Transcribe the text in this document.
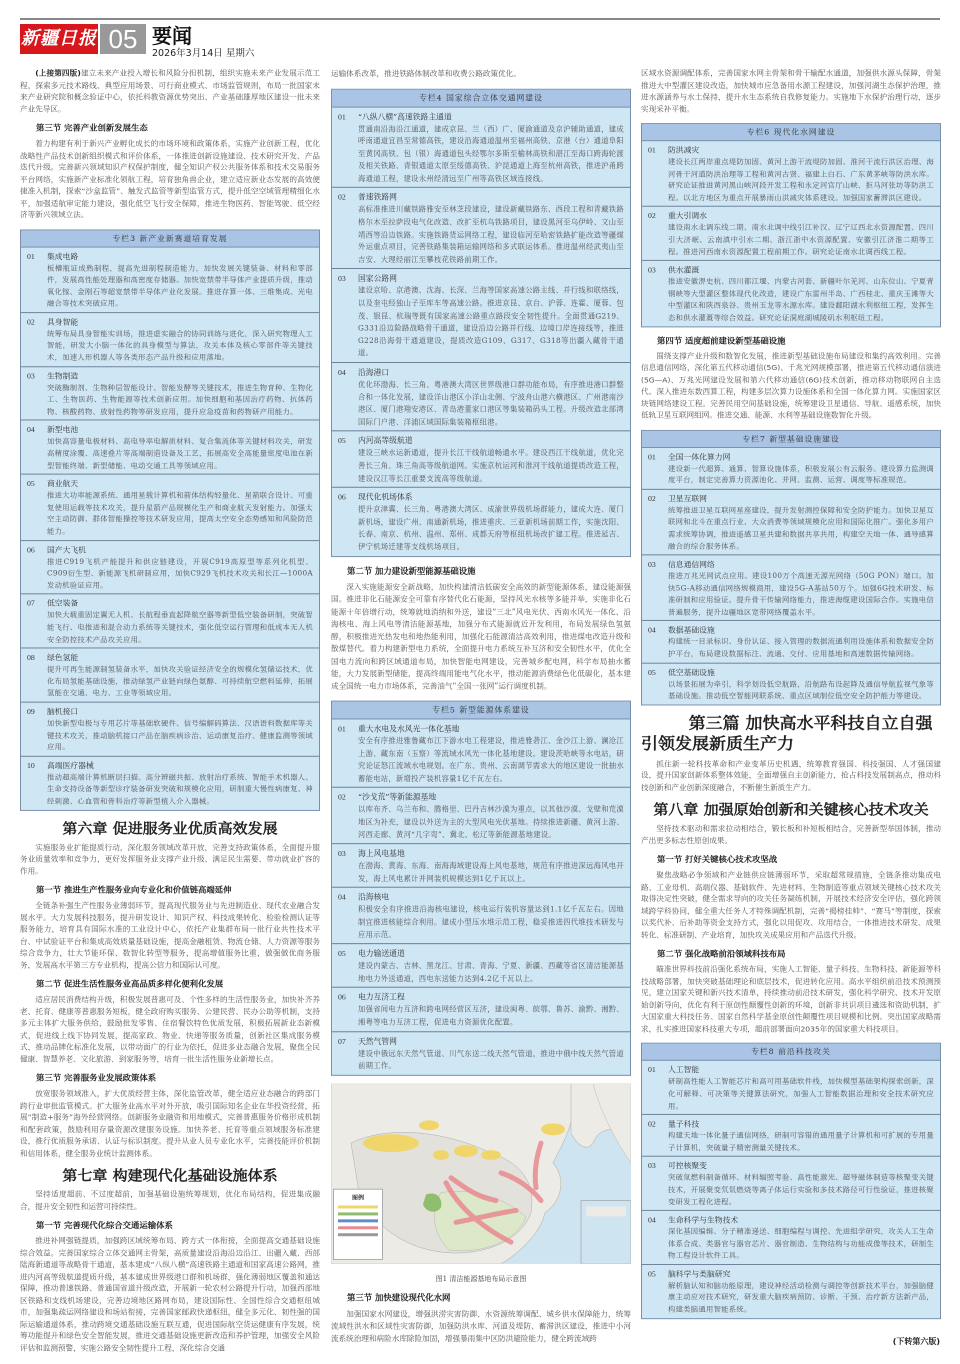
新疆日报 05 要闻
2026年3月14日 星期六

(上接第四版)建立未来产业投入增长和风险分担机制，组织实施未来产业发展示范工程，探索多元技术路线、典型应用场景、可行商业模式、市场监管规则，布局一批国家未来产业研究院和概念验证中心，依托科教资源优势突出、产业基础雄厚地区建设一批未来产业先导区。

第三节 完善产业创新发展生态

着力构建有利于新兴产业孵化成长的市场环境和政策体系，实施产业创新工程，优化战略性产品技术创新组织模式和评价体系，一体推进创新设施建设、技术研究开发、产品迭代升级。完善新兴领域知识产权保护制度，健全知识产权公共服务体系和技术交易服务平台网络，实施新产业标准化领航工程，培育独角兽企业，建立适应新业态发展的高效便捷准入机制，探索“沙盒监管”、触发式监管等新型监管方式，提升低空空域管理精细化水平，加强适航审定能力建设，强化低空飞行安全保障，推进生物医药、智能驾驶、低空经济等新兴领域立法。

专栏3 新产业新赛道培育发展
01 集成电路
板槽瓶证成熟制程，提高先进制程制造能力，加快发展关键装备、材料和零部件，发展高性能处理器和高密度存储器。加快宽禁带半导体产业提质升级，推动氧化镓、金刚石等超宽禁带半导体产业化发展。推进存算一体、三维集成、光电融合等技术突破应用。
02 具身智能
统筹布局具身智能实训场，推进虚实融合的协同训练与进化，深入研究物理人工智能，研发大小脑一体化的具身模型与算法，攻关本体及核心零部件等关键技术，加速人形机器人等各类形态产品升级和应用落地。
03 生物制造
突破酶制剂、生物种层智能设计、智能发酵等关键技术，推进生物育种、生物化工、生物医药、生物能源等技术创新应用。加快细胞和基因治疗药物、抗体药物、核酸药物、放射性药物等研发应用，提升应急疫苗和药物研产用能力。
04 新型电池
加快高容量电极材料、高电导率电解质材料、复合集流体等关键材料攻关，研发高精度涂覆、高速叠片等高端制造设备及工艺，拓展高安全高能量密度电池在新型智能终端、新型储能、电动交通工具等领域应用。
05 商业航天
推进大功率能源系统、通用星载计算机和箭体结构轻量化、星箭联合设计、可重复使用运载等技术攻关，提升星箭产品规模化生产和商业航天发射能力。加强太空主动防御、群体智能操控等技术研发应用，提高太空安全态势感知和风险防范能力。
06 国产大飞机
推进C919飞机产能提升和供应链建设，开展C919高原型等系列化机型、C909衍生型、新能源飞机研制应用，加快C929飞机技术攻关和长江—1000A发动机验证应用。
07 低空装备
加快大载重固定翼无人机、长航程垂直起降航空器等新型低空装备研制，突破智能飞行、电推进和混合动力系统等关键技术，强化低空运行管理和低成本无人机安全防控技术产品攻关应用。
08 绿色氢能
提升可再生能源制氢装备水平，加快攻关验证经济安全的规模化氢储运技术，优化布局氢能基础设施，推动绿氢产业链向绿色氨醇、可持续航空燃料延伸，拓展氢能在交通、电力、工业等领域应用。
09 脑机接口
加快新型电极与专用芯片等基础软硬件、信号编解码算法、汉语语料数据库等关键技术攻关，推动脑机接口产品在脑疾病诊治、运动康复治疗、健康监测等领域应用。
10 高端医疗器械
推动超高端计算机断层扫描、高分辨磁共振、放射治疗系统、智能手术机器人、生命支持设备等新型诊疗装备研发突破和规模化应用，研制重大慢性病康复、神经刺激、心血管和骨科治疗等新型植入介入器械。
第六章 促进服务业优质高效发展

实施服务业扩能提质行动，深化服务领域改革开放，完善支持政策体系，全面提升服务业质量效率和竞争力，更好发挥服务业支撑产业升级、满足民生需要、带动就业扩容的作用。

第一节 推进生产性服务业向专业化和价值链高端延伸

全链条补强生产性服务业薄弱环节，提高现代服务业与先进制造业、现代农业融合发展水平。大力发展科技服务，提升研发设计、知识产权、科技成果转化、检验检测认证等服务能力，培育具有国际水准的工业设计中心，依托产业集群布局一批行业共性技术平台、中试验证平台和集成高效质量基础设施，提高金融租赁、物流仓储、人力资源等服务综合竞争力，壮大节能环保、数智化转型等服务，提高增值服务比重，做强做优商务服务，发展高水平第三方专业机构，提高公信力和国际认可度。

第二节 促进生活性服务业高品质多样化便利化发展

适应居民消费结构升级，积极发展普惠可及、个性多样的生活性服务业，加快补齐养老、托育、健康等普惠服务短板，健全政府购买服务、公建民营、民办公助等机制，支持多元主体扩大服务供给，鼓励批发零售、住宿餐饮特色优质发展，积极拓展新业态新模式，促进线上线下协同发展，提高家政、物业、快递等服务质量，创新社区集成服务模式，推动品牌化标准化发展，以带动面广的行业为依托，促进多业态融合发展，聚焦全民健康、智慧养老、文化旅游、到家服务等，培育一批生活性服务业新增长点。

第三节 完善服务业发展政策体系

放宽服务领域准入，扩大优质经营主体，深化监管改革，健全适应业态融合的跨部门跨行业审批监管模式。扩大服务业高水平对外开放，吸引国际知名企业在华投资经营，拓展“制造+服务”海外经营网络。创新服务业融资和用地模式，完善普惠服务价格形成机制和配套政策，鼓励利用存量资源改建服务设施。加快养老、托育等重点领域服务标准建设，推行优质服务承诺、认证与标识制度。提升从业人员专业化水平，完善技能评价机制和信用体系，健全服务业统计监测体系。

第七章 构建现代化基础设施体系

坚持适度超前、不过度超前，加强基础设施统筹规划，优化布局结构，促进集成融合，提升安全韧性和运营可持续性。

第一节 完善现代化综合交通运输体系

推进补网强链提质，加强跨区域统筹布局、跨方式一体衔接，全面提高交通基础设施综合效益。完善国家综合立体交通网主骨架，高质量建设沿海沿边沿江、出疆入藏、西部陆海新通道等战略骨干通道，基本建成“八纵八横”高速铁路主通道和国家高速公路网，推进内河高等级航道提质升级，基本建成世界级港口群和机场群，强化薄弱地区覆盖和通达保障，推动普速铁路、普通国省道升级改造，开展新一轮农村公路提升行动，加强西部地区铁路和支线机场建设，完善边境地区路网布局，建设国际性、全国性综合交通枢纽城市，加强集疏运网络建设和场站衔接，完善国家邮政快递枢纽，健全多元化、韧性强的国际运输通道体系，推动跨境交通基础设施互联互通，促进国际航空货运健康有序发展，统筹功能提升和绿色安全智能发展，推进交通基础设施更新改造和养护管理，加强安全风险评估和监测预警，实施公路安全韧性提升工程，深化综合交通

运输体系改革，推进铁路体制改革和收费公路政策优化。

专栏4 国家综合立体交通网建设
01 “八纵八横”高速铁路主通道
贯通南沿海沿江通道，建成京昆、兰（西）广、厦渝通道及京沪辅助通道，建成呼南通道宜昌至常德高铁，建设沿海通道温州至福州高铁、京港（台）通道阜阳至黄冈高铁、包（银）海通道包头经鄂尔多斯至榆林高铁和湛江至海口跨海轮渡及相关铁路、青银通道太原至绥德高铁、沪昆通道上海至杭州高铁，推进沪甬跨海通道工程，建设永州经清远至广州等高铁区域连接线。
02 普速铁路网
高标准推进川藏铁路雅安至林芝段建设，建设新藏铁路东、西段工程和青藏铁路格尔木至拉萨段电气化改造、改扩至杭乌铁路项目，建设黑河至乌伊岭、文山至靖西等沿边铁路。实施铁路货运网络工程，建设临河至哈密铁路扩能改造等疆煤外运重点项目，完善铁路集装箱运输网络和多式联运体系。推进温州经武夷山至吉安、大理经丽江至攀枝花铁路前期工作。
03 国家公路网
建设京哈、京港澳、沈海、长深、兰海等国家高速公路主线、并行线和联络线，以及奎屯经独山子至库车等高速公路。推进京昆、京台、沪蓉、连霍、厦蓉、包茂、银昆、杭瑞等既有国家高速公路重点路段安全韧性提升。全面贯通G219、G331沿边险路战略骨干通道，建设沿边公路并行线、边境口岸连接线等，推进G228沿海骨干通道建设，提质改造G109、G317、G318等出疆入藏骨干通道。
04 沿海港口
优化环渤海、长三角、粤港澳大湾区世界级港口群功能布局，有序推进港口群整合和一体化发展，建设洋山港区小洋山北侧、宁波舟山港六横港区、广州港南沙港区、厦门港翔安港区、青岛港董家口港区等集装箱码头工程。升级改造北部湾国际门户港、洋浦区域国际集装箱枢纽港。
05 内河高等级航道
建设三峡水运新通道，提升长江干线航道畅通水平。建设西江干线航道，优化完善长三角、珠三角高等级航道网。实施京杭运河和淮河干线航道提质改造工程，建设汉江等长江重要支流高等级航道。
06 现代化机场体系
提升京津冀、长三角、粤港澳大湾区、成渝世界级机场群能力，建成大连、厦门新机场，建设广州、南通新机场，推进重庆、三亚新机场前期工作，实施沈阳、长春、南京、杭州、温州、郑州、成都天府等枢纽机场改扩建工程。推进延吉、伊宁机场迁建等支线机场项目。
第二节 加力建设新型能源基础设施

深入实施能源安全新战略，加快构建清洁低碳安全高效的新型能源体系，建设能源强国。推进非化石能源安全可靠有序替代化石能源，坚持风光水核等多能并举，实施非化石能源十年倍增行动，统筹就地消纳和外送，建设“三北”风电光伏、西南水风光一体化、沿海核电、海上风电等清洁能源基地，加强分布式能源就近开发利用，布局发展绿色氢氨醇，积极推进光热发电和地热能利用，加强化石能源清洁高效利用，推进煤电改造升级和散煤替代。着力构建新型电力系统，全面提升电力系统互补互济和安全韧性水平，优化全国电力流向和跨区域通道布局，加快智能电网建设，完善城乡配电网，科学布局抽水蓄能，大力发展新型储能，提高终端用能电气化水平，推动能源消费绿色化低碳化，基本建成全国统一电力市场体系，完善油气“全国一张网”运行调度机制。

专栏5 新型能源体系建设
01 重大水电及水风光一体化基地
安全有序推进雅鲁藏布江下游水电工程建设，推进雅砻江、金沙江上游、澜沧江上游、藏东南（玉察）等流域水风光一体化基地建设。建设茨哈峡等水电站，研究论证怒江流域水电规划。在广东、贵州、云南调节需求大的地区建设一批抽水蓄能电站，新增投产装机容量1亿千瓦左右。
02 “沙戈荒”等新能源基地
以库布齐、乌兰布和、腾格里、巴丹吉林沙漠为重点，以其他沙漠、戈壁和荒漠地区为补充，建设以外送为主的大型风电光伏基地。持续推进新疆、黄河上游、河西走廊、黄河“几字弯”、冀北、松辽等新能源基地建设。
03 海上风电基地
在渤海、黄海、东海、南海海域建设海上风电基地，规范有序推进深远海风电开发，海上风电累计并网装机规模达到1亿千瓦以上。
04 沿海核电
积极安全有序推进沿海核电建设，核电运行装机容量达到1.1亿千瓦左右。因地制宜推进核能综合利用。建成小型压水堆示范工程，稳妥推进四代堆技术研发与应用示范。
05 电力输送通道
建设内蒙古、吉林、黑龙江、甘肃、青海、宁夏、新疆、西藏等省区清洁能源基地电力外送通道，西电东送能力达到4.2亿千瓦以上。
06 电力互济工程
加强省间电力互济和跨电网经营区互济，建设闽粤、皖鄂、鲁苏、渝黔、湘黔、湘粤等电力互济工程，促进电力资源优化配置。
07 天然气管网
建设中俄远东天然气管道、川气东送二线天然气管道，推进中俄中线天然气管道前期工作。
图例
图1 清洁能源基地布局示意图
第三节 加快建设现代化水网

加强国家水网建设，增强洪涝灾害防御、水资源统筹调配、城乡供水保障能力，统筹流域性洪水和区域性灾害防御，加强防洪水库、河道及堤防、蓄滞洪区建设，推进中小河流系统治理和病险水库除险加固，增强暴雨集中区防洪避险能力，健全跨流域跨

区域水资源调配体系，完善国家水网主骨架和骨干输配水通道，加强供水源头保障，骨架推进大中型灌区建设改造，加快城市应急备用水源工程建设，加强河湖生态保护治理，推进水源涵养与水土保持，提升水生态系统自我修复能力。实施地下水保护治理行动，逐步实现采补平衡。

专栏6 现代化水网建设
01 防洪减灾
建设长江两岸重点堤防加固、黄河上游干流堤防加固、淮河干流行洪区治理、海河骨干河道防洪治理等工程和黄河古贤、福建上白石、广东黄茅峡等防洪水库。研究论证推进黄河黑山峡河段开发工程和永定河官厅山峡、拒马河张坊等防洪工程。以北方地区为重点开展暴雨山洪减灾体系建设。加强国家蓄滞洪区建设。
02 重大引调水
建设南水北调东线二期、南水北调中线引江补汉、辽宁辽西北水资源配置、四川引大济岷、云南滇中引水二期、浙江浙中水资源配置、安徽引江济淮二期等工程。推进河西南水资源配置工程前期工作。研究论证南水北调西线工程。
03 供水灌溉
推进安徽淠史杭、四川都江堰、内蒙古河套、新疆叶尔羌河、山东位山、宁夏青铜峡等大型灌区整体现代化改造，建设广东雷州半岛、广西桂北、重庆玉滩等大中型灌区和陕西泉谷、贵州玉龙等水源水库。建设鄱阳湖水利枢纽工程，发挥生态和供水灌溉等综合效益。研究论证洞庭湖城陵矶水利枢纽工程。
第四节 适度超前建设新型基础设施

围绕支撑产业升级和数智化发展，推进新型基础设施布局建设和集约高效利用。完善信息通信网络，深化第五代移动通信(5G)、千兆光网规模部署，推进第五代移动通信演进(5G—A)、万兆光网建设发展和第六代移动通信(6G)技术创新，推动移动物联网自主迭代。深入推进东数西算工程，构建多层次算力设施体系和全国一体化算力网。实施国家区块链网络建设工程。完善民用空间基础设施，统筹建设卫星通信、导航、遥感系统，加快低轨卫星互联网组网。推进交通、能源、水利等基础设施数智化升级。

专栏7 新型基础设施建设
01 全国一体化算力网
建设新一代超算、通算、智算设施体系，积极发展公有云服务。建设算力监测调度平台，制定完善算力资源池化、并网、监测、运营、调度等标准规范。
02 卫星互联网
统筹推进卫星互联网星座建设，提升发射测控保障和安全防护能力。加快卫星互联网和北斗在重点行业、大众消费等领域规模化应用和国际化推广。强化多用户需求统筹协调，推进遥感卫星共建和数据共享共用，构建空天地一体、通导感算融合的综合服务体系。
03 信息通信网络
推进万兆光网试点应用。建设100万个高速无源光网络（50G PON）端口。加快5G-A移动通信网络规模商用，建设5G-A基站50万个。加强6G技术研发、标准研制和应用验证。提升骨干传输网络能力，推进海缆建设国际合作。实施电信普遍服务，提升边疆地区宽带网络覆盖水平。
04 数据基础设施
构建统一目录标识、身份认证、接入管理的数据流通利用设施体系和数据安全防护平台，布局建设数据标注、流通、交付、应用基地和高速数据传输网络。
05 低空基础设施
以场景拓展为牵引，科学划设低空航路，沿航路布设起降及通信导航监视气象等基础设施。推动低空智能网联系统、重点区域制位低空安全防护能力等建设。
第三篇 加快高水平科技自立自强 引领发展新质生产力

抓住新一轮科技革命和产业变革历史机遇，统筹教育强国、科技强国、人才强国建设，提升国家创新体系整体效能，全面增强自主创新能力，抢占科技发展制高点，推动科技创新和产业创新深度融合，不断催生新质生产力。

第八章 加强原始创新和关键核心技术攻关

坚持技术驱动和需求拉动相结合，锻长板和补短板相结合，完善新型举国体制，推动产出更多标志性原创成果。

第一节 打好关键核心技术攻坚战

聚焦战略必争领域和产业链供应链薄弱环节，采取超常规措施，全链条推动集成电路、工业母机、高端仪器、基础软件、先进材料、生物制造等重点领域关键核心技术攻关取得决定性突破，健全需求导向的攻关任务凝练机制，开展技术经济安全评估，强化跨领域跨学科协同，健全重大任务人才特殊调配机制，完善“揭榜挂帅”、“赛马”等制度，探索以奖代补、后补助等资金支持方式，强化以用促攻、攻用结合，一体推进技术研发、成果转化、标准研制、产业培育，加快攻关成果应用和产品迭代升级。

第二节 强化战略前沿领域科技布局

瞄准世界科技前沿强化系统布局，实施人工智能、量子科技、生物科技、新能源等科技战略部署，加快突破基础理论和底层技术，促进转化应用。高水平组织前沿技术预测预见，建立国家关键和新兴技术清单，持续推动前沿技术研发，强化科学研究、技术开发原始创新导向，优化有利于原创性颠覆性创新的环境，创新非共识项目遴选和资助机制，扩大国家重大科技任务、国家自然科学基金原创性颠覆性项目规模和比例。突出国家战略需求，扎实推进国家科技重大专项，超前部署面向2035年的国家重大科技项目。

专栏8 前沿科技攻关
01 人工智能
研制高性能人工智能芯片和高可用基础软件栈，加快模型基础架构探索创新，深化可解释、可决策等关键算法研究，加强人工智能数据治理和安全技术研究应用。
02 量子科技
构建天地一体化量子通信网络，研制可容错的通用量子计算机和可扩展的专用量子计算机，突破量子精密测量关键技术。
03 可控核聚变
突破氚燃料制备循环、材料辐照考验、高性能激光、超导磁体制造等核聚变关键技术，开展聚变氘氚燃烧等离子体运行实验和多技术路径可行性验证，推进核聚变研发工程化进程。
04 生命科学与生物技术
深化基因编辑、分子精准递送、细胞编程与调控、先进组学研究，攻关人工生命体系合成、类器官与器官芯片、器官制造、生物结构与功能成像等技术，研制生物工程设计软件工具。
05 脑科学与类脑研究
解析脑认知和脑功能原理，建设神经活动检测与调控等创新技术平台，加强脑健康主动应对技术研究，研发重大脑疾病预防、诊断、干预、治疗新方法新产品，构建类脑通用智能系统。
(下转第六版)
